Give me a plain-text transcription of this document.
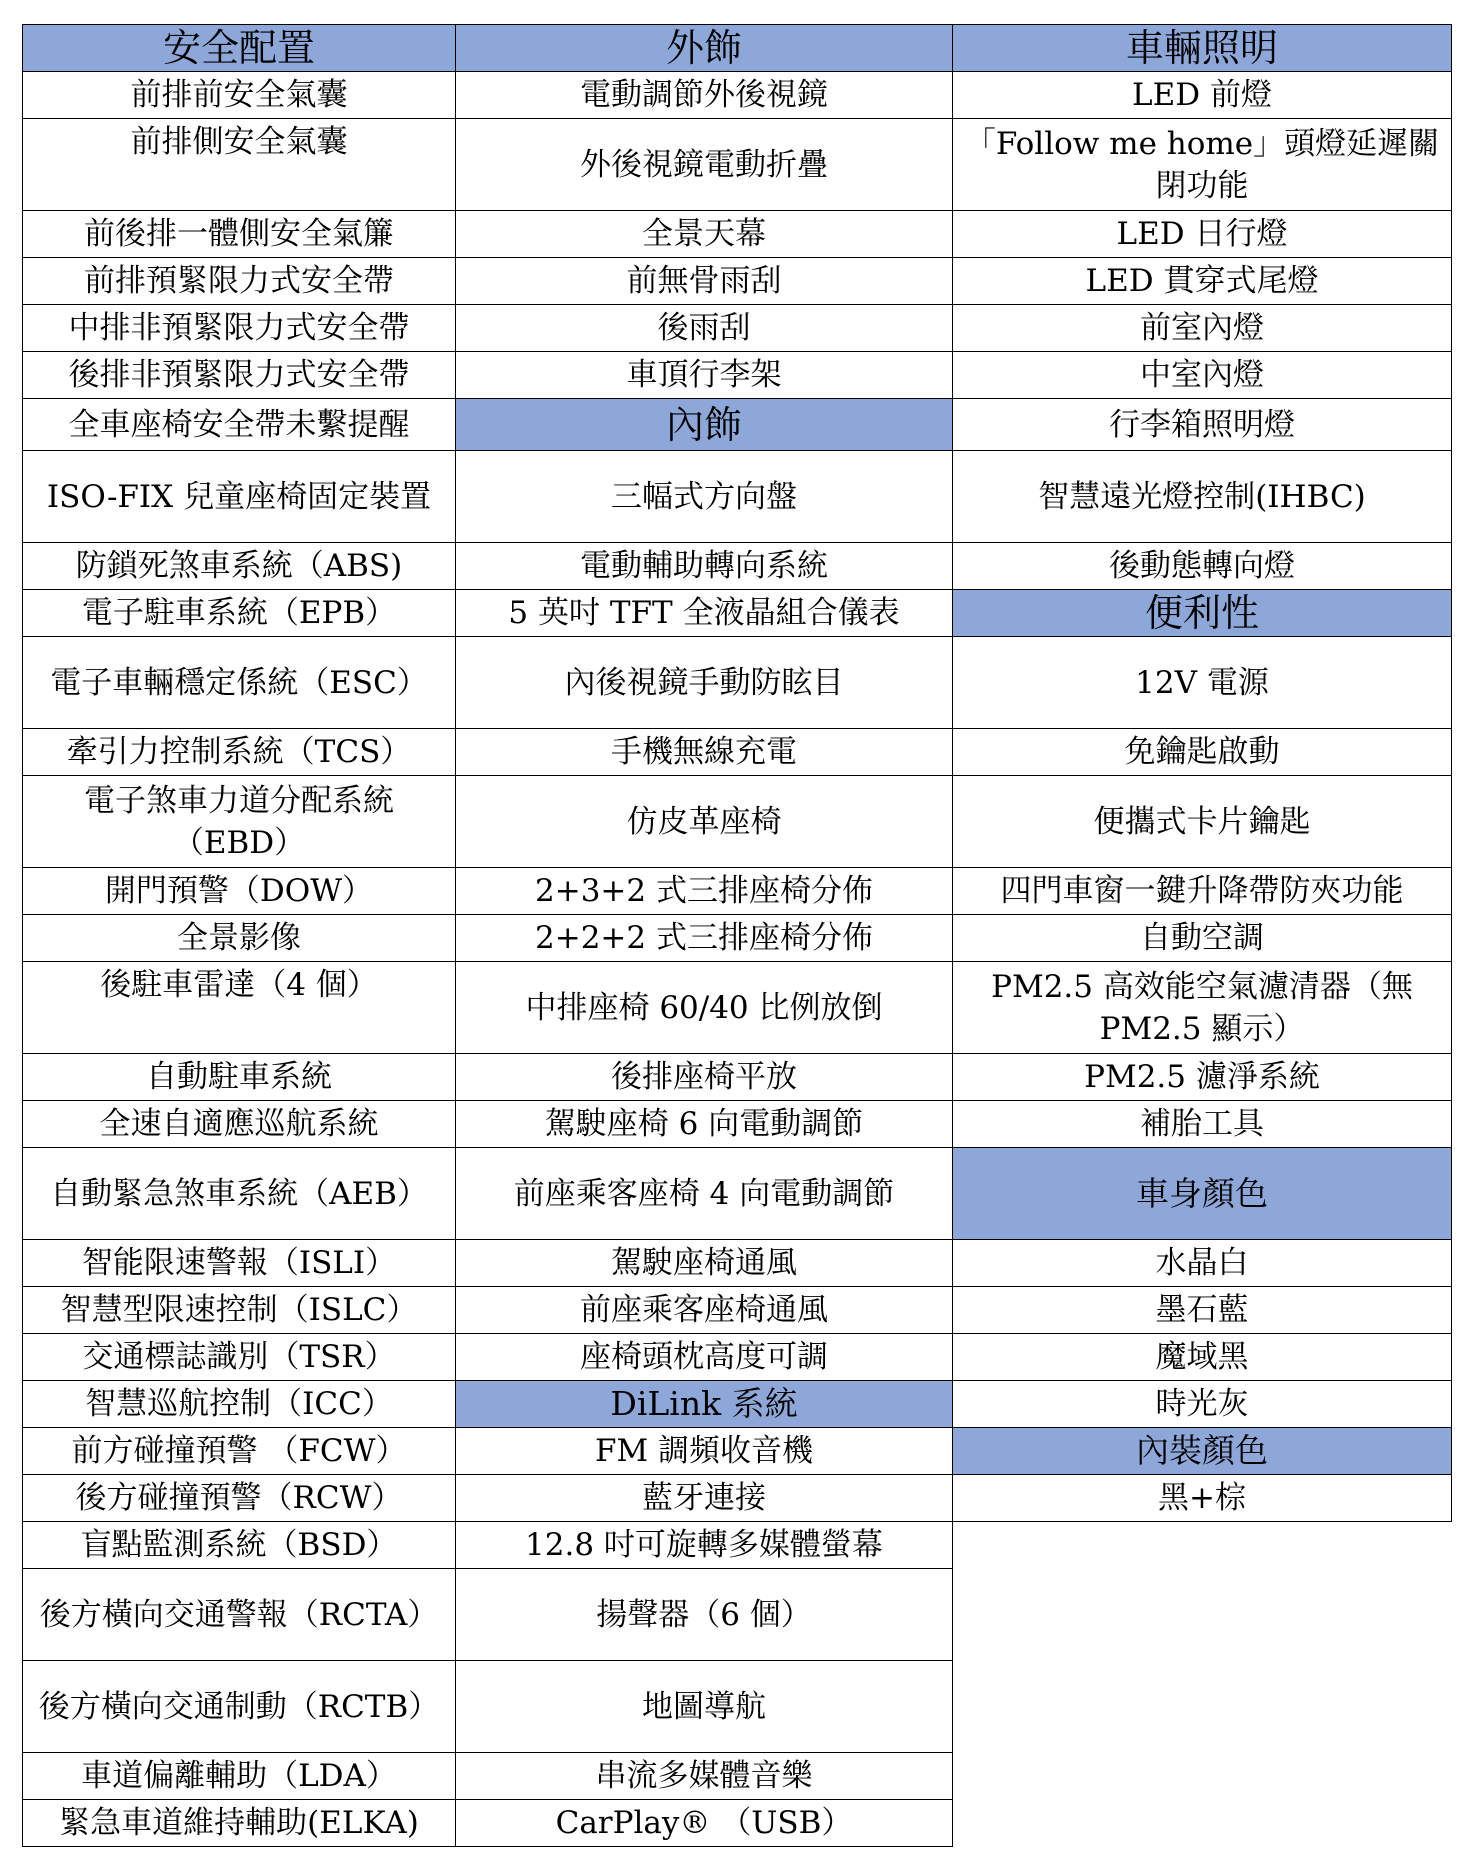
安全配置	外飾	車輛照明
前排前安全氣囊	電動調節外後視鏡	LED 前燈
前排側安全氣囊	外後視鏡電動折疊	「Follow me home」頭燈延遲關閉功能
前後排一體側安全氣簾	全景天幕	LED 日行燈
前排預緊限力式安全帶	前無骨雨刮	LED 貫穿式尾燈
中排非預緊限力式安全帶	後雨刮	前室內燈
後排非預緊限力式安全帶	車頂行李架	中室內燈
全車座椅安全帶未繫提醒	內飾	行李箱照明燈
ISO-FIX 兒童座椅固定裝置	三幅式方向盤	智慧遠光燈控制(IHBC)
防鎖死煞車系統（ABS)	電動輔助轉向系統	後動態轉向燈
電子駐車系統（EPB）	5 英吋 TFT 全液晶組合儀表	便利性
電子車輛穩定係統（ESC）	內後視鏡手動防眩目	12V 電源
牽引力控制系統（TCS）	手機無線充電	免鑰匙啟動
電子煞車力道分配系統（EBD）	仿皮革座椅	便攜式卡片鑰匙
開門預警（DOW）	2+3+2 式三排座椅分佈	四門車窗一鍵升降帶防夾功能
全景影像	2+2+2 式三排座椅分佈	自動空調
後駐車雷達（4 個）	中排座椅 60/40 比例放倒	PM2.5 高效能空氣濾清器（無 PM2.5 顯示）
自動駐車系統	後排座椅平放	PM2.5 濾淨系統
全速自適應巡航系統	駕駛座椅 6 向電動調節	補胎工具
自動緊急煞車系統（AEB）	前座乘客座椅 4 向電動調節	車身顏色
智能限速警報（ISLI）	駕駛座椅通風	水晶白
智慧型限速控制（ISLC）	前座乘客座椅通風	墨石藍
交通標誌識別（TSR）	座椅頭枕高度可調	魔域黑
智慧巡航控制（ICC）	DiLink 系統	時光灰
前方碰撞預警 （FCW）	FM 調頻收音機	內裝顏色
後方碰撞預警（RCW）	藍牙連接	黑+棕
盲點監測系統（BSD）	12.8 吋可旋轉多媒體螢幕	
後方橫向交通警報（RCTA）	揚聲器（6 個）	
後方橫向交通制動（RCTB）	地圖導航	
車道偏離輔助（LDA）	串流多媒體音樂	
緊急車道維持輔助(ELKA)	CarPlay® （USB）	
